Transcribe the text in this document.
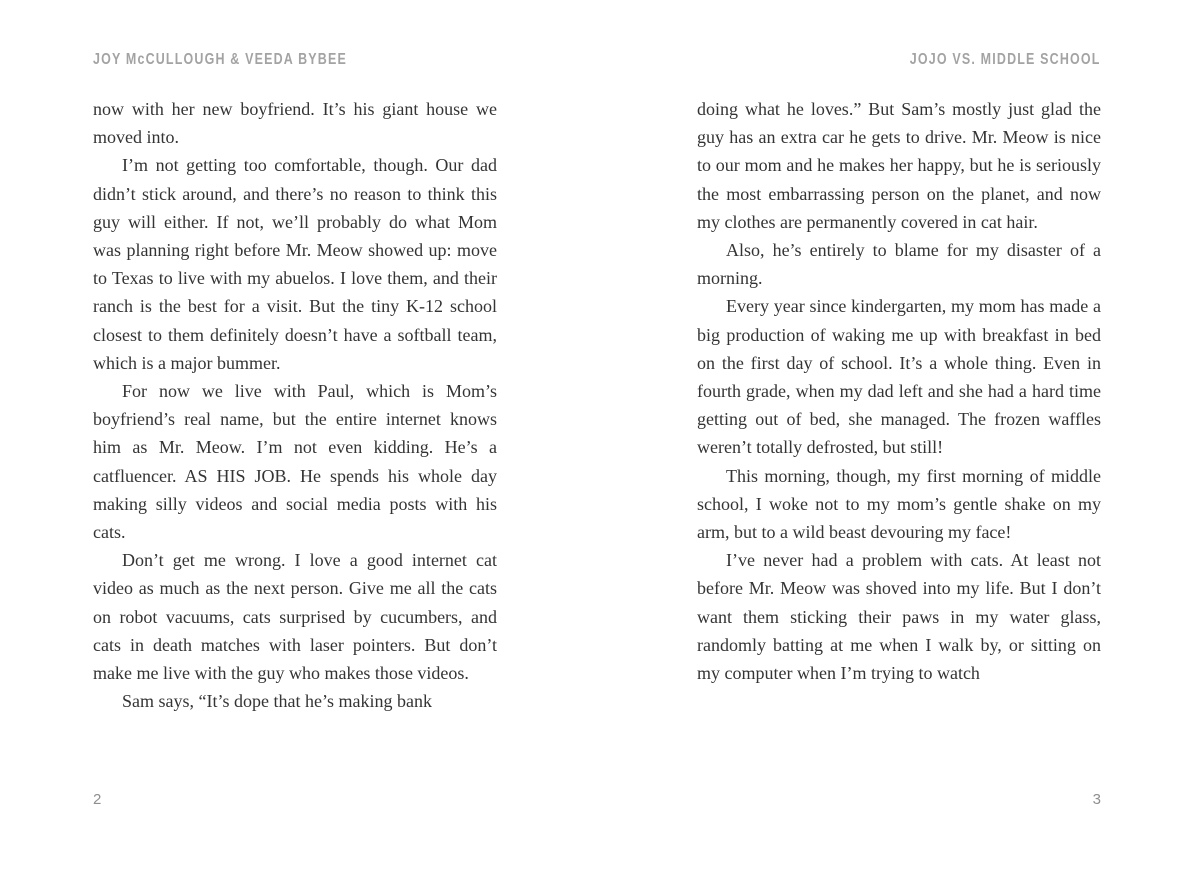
JOY McCULLOUGH & VEEDA BYBEE

now with her new boyfriend. It’s his giant house we moved into.

I’m not getting too comfortable, though. Our dad didn’t stick around, and there’s no reason to think this guy will either. If not, we’ll probably do what Mom was planning right before Mr. Meow showed up: move to Texas to live with my abuelos. I love them, and their ranch is the best for a visit. But the tiny K-12 school closest to them definitely doesn’t have a softball team, which is a major bummer.

For now we live with Paul, which is Mom’s boyfriend’s real name, but the entire internet knows him as Mr. Meow. I’m not even kidding. He’s a catfluencer. AS HIS JOB. He spends his whole day making silly videos and social media posts with his cats.

Don’t get me wrong. I love a good internet cat video as much as the next person. Give me all the cats on robot vacuums, cats surprised by cucumbers, and cats in death matches with laser pointers. But don’t make me live with the guy who makes those videos.

Sam says, “It’s dope that he’s making bank

2
JOJO VS. MIDDLE SCHOOL

doing what he loves.” But Sam’s mostly just glad the guy has an extra car he gets to drive. Mr. Meow is nice to our mom and he makes her happy, but he is seriously the most embarrassing person on the planet, and now my clothes are permanently covered in cat hair.

Also, he’s entirely to blame for my disaster of a morning.

Every year since kindergarten, my mom has made a big production of waking me up with breakfast in bed on the first day of school. It’s a whole thing. Even in fourth grade, when my dad left and she had a hard time getting out of bed, she managed. The frozen waffles weren’t totally defrosted, but still!

This morning, though, my first morning of middle school, I woke not to my mom’s gentle shake on my arm, but to a wild beast devouring my face!

I’ve never had a problem with cats. At least not before Mr. Meow was shoved into my life. But I don’t want them sticking their paws in my water glass, randomly batting at me when I walk by, or sitting on my computer when I’m trying to watch

3
